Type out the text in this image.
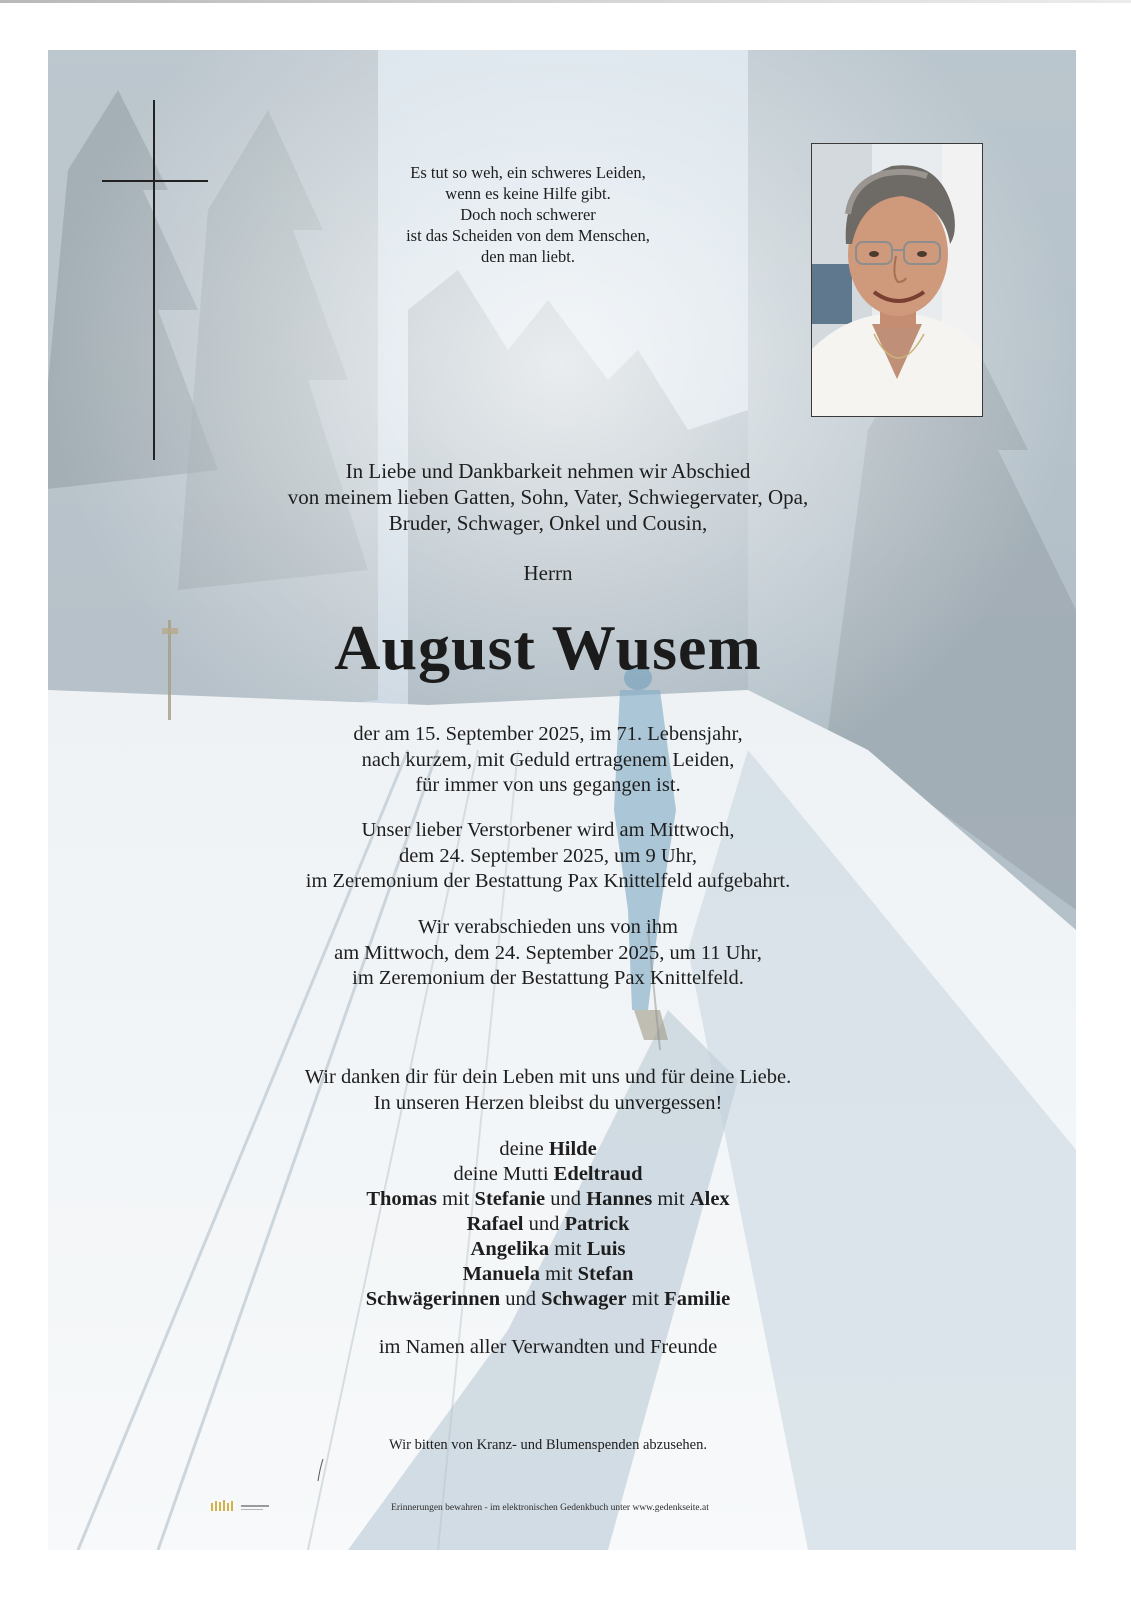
Es tut so weh, ein schweres Leiden,
wenn es keine Hilfe gibt.
Doch noch schwerer
ist das Scheiden von dem Menschen,
den man liebt.
In Liebe und Dankbarkeit nehmen wir Abschied
von meinem lieben Gatten, Sohn, Vater, Schwiegervater, Opa,
Bruder, Schwager, Onkel und Cousin,
Herrn
August Wusem
der am 15. September 2025, im 71. Lebensjahr,
nach kurzem, mit Geduld ertragenem Leiden,
für immer von uns gegangen ist.
Unser lieber Verstorbener wird am Mittwoch,
dem 24. September 2025, um 9 Uhr,
im Zeremonium der Bestattung Pax Knittelfeld aufgebahrt.
Wir verabschieden uns von ihm
am Mittwoch, dem 24. September 2025, um 11 Uhr,
im Zeremonium der Bestattung Pax Knittelfeld.
Wir danken dir für dein Leben mit uns und für deine Liebe.
In unseren Herzen bleibst du unvergessen!
deine Hilde
deine Mutti Edeltraud
Thomas mit Stefanie und Hannes mit Alex
Rafael und Patrick
Angelika mit Luis
Manuela mit Stefan
Schwägerinnen und Schwager mit Familie
im Namen aller Verwandten und Freunde
Wir bitten von Kranz- und Blumenspenden abzusehen.
Erinnerungen bewahren - im elektronischen Gedenkbuch unter www.gedenkseite.at
